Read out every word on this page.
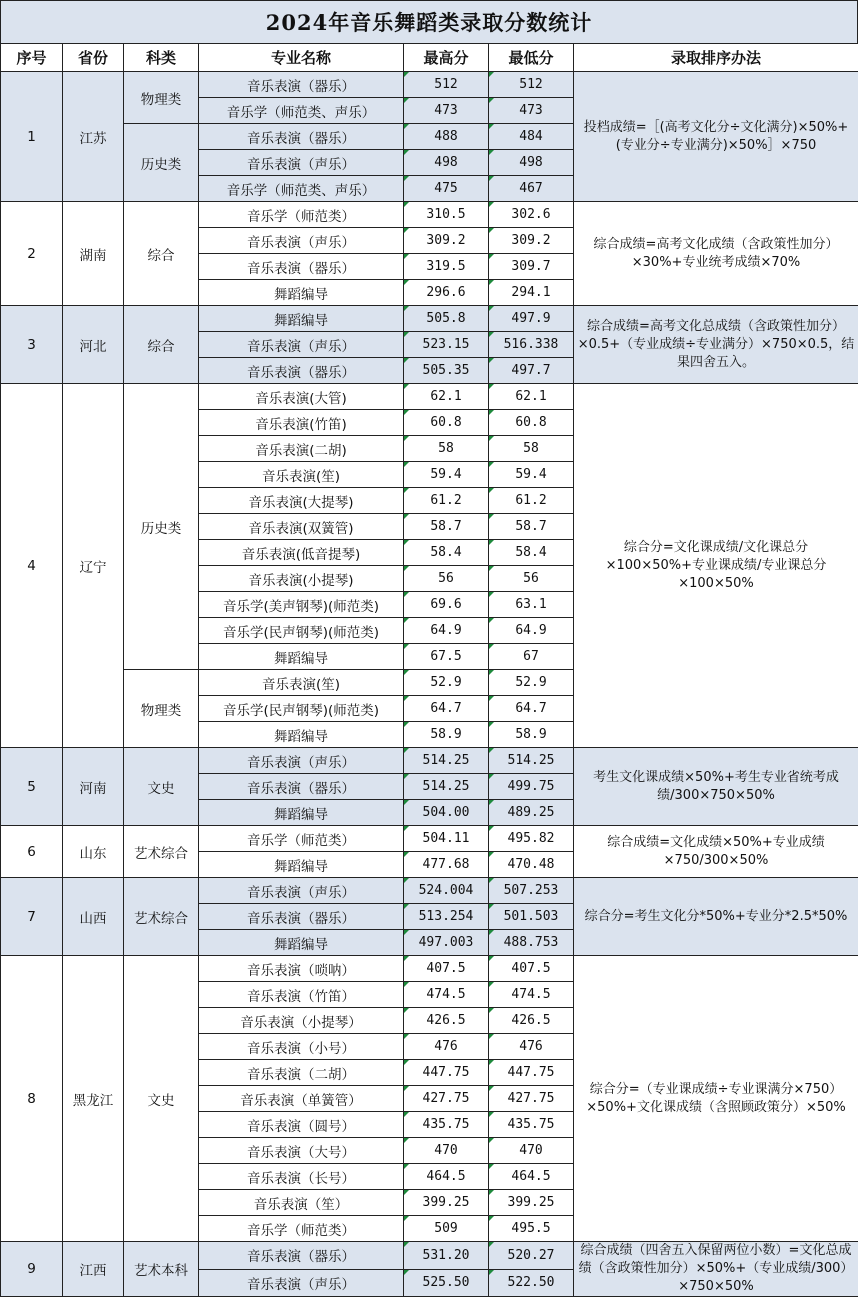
2024年音乐舞蹈类录取分数统计
序号	省份	科类	专业名称	最高分	最低分	录取排序办法
1	江苏	物理类	音乐表演（器乐）	512	512	投档成绩=［(高考文化分÷文化满分)×50%+(专业分÷专业满分)×50%］×750
			音乐学（师范类、声乐）	473	473	
		历史类	音乐表演（器乐）	488	484	
			音乐表演（声乐）	498	498	
			音乐学（师范类、声乐）	475	467	
2	湖南	综合	音乐学（师范类）	310.5	302.6	综合成绩=高考文化成绩（含政策性加分）×30%+专业统考成绩×70%
			音乐表演（声乐）	309.2	309.2	
			音乐表演（器乐）	319.5	309.7	
			舞蹈编导	296.6	294.1	
3	河北	综合	舞蹈编导	505.8	497.9	综合成绩=高考文化总成绩（含政策性加分）×0.5+（专业成绩÷专业满分）×750×0.5，结果四舍五入。
			音乐表演（声乐）	523.15	516.338	
			音乐表演（器乐）	505.35	497.7	
4	辽宁	历史类	音乐表演(大管)	62.1	62.1	综合分=文化课成绩/文化课总分×100×50%+专业课成绩/专业课总分×100×50%
			音乐表演(竹笛)	60.8	60.8	
			音乐表演(二胡)	58	58	
			音乐表演(笙)	59.4	59.4	
			音乐表演(大提琴)	61.2	61.2	
			音乐表演(双簧管)	58.7	58.7	
			音乐表演(低音提琴)	58.4	58.4	
			音乐表演(小提琴)	56	56	
			音乐学(美声钢琴)(师范类)	69.6	63.1	
			音乐学(民声钢琴)(师范类)	64.9	64.9	
			舞蹈编导	67.5	67	
		物理类	音乐表演(笙)	52.9	52.9	
			音乐学(民声钢琴)(师范类)	64.7	64.7	
			舞蹈编导	58.9	58.9	
5	河南	文史	音乐表演（声乐）	514.25	514.25	考生文化课成绩×50%+考生专业省统考成绩/300×750×50%
			音乐表演（器乐）	514.25	499.75	
			舞蹈编导	504.00	489.25	
6	山东	艺术综合	音乐学（师范类）	504.11	495.82	综合成绩=文化成绩×50%+专业成绩×750/300×50%
			舞蹈编导	477.68	470.48	
7	山西	艺术综合	音乐表演（声乐）	524.004	507.253	综合分=考生文化分*50%+专业分*2.5*50%
			音乐表演（器乐）	513.254	501.503	
			舞蹈编导	497.003	488.753	
8	黑龙江	文史	音乐表演（唢呐）	407.5	407.5	综合分=（专业课成绩÷专业课满分×750）×50%+文化课成绩（含照顾政策分）×50%
			音乐表演（竹笛）	474.5	474.5	
			音乐表演（小提琴）	426.5	426.5	
			音乐表演（小号）	476	476	
			音乐表演（二胡）	447.75	447.75	
			音乐表演（单簧管）	427.75	427.75	
			音乐表演（圆号）	435.75	435.75	
			音乐表演（大号）	470	470	
			音乐表演（长号）	464.5	464.5	
			音乐表演（笙）	399.25	399.25	
			音乐学（师范类）	509	495.5	
9	江西	艺术本科	音乐表演（器乐）	531.20	520.27	综合成绩（四舍五入保留两位小数）=文化总成绩（含政策性加分）×50%+（专业成绩/300）×750×50%
			音乐表演（声乐）	525.50	522.50	
